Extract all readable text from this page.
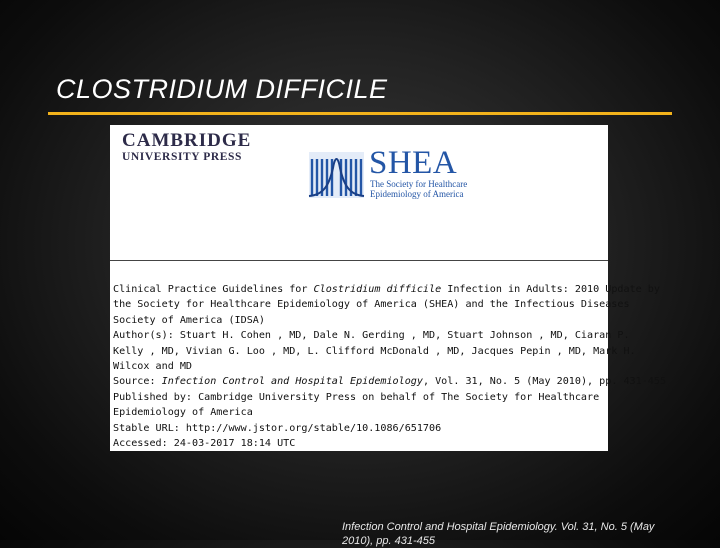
CLOSTRIDIUM DIFFICILE
CAMBRIDGE
UNIVERSITY PRESS	SHEA
The Society for Healthcare Epidemiology of America
Clinical Practice Guidelines for Clostridium difficile Infection in Adults: 2010 Update by
the Society for Healthcare Epidemiology of America (SHEA) and the Infectious Diseases
Society of America (IDSA)
Author(s): Stuart H. Cohen , MD, Dale N. Gerding , MD, Stuart Johnson , MD, Ciaran P.
Kelly , MD, Vivian G. Loo , MD, L. Clifford McDonald , MD, Jacques Pepin , MD, Mark H.
Wilcox and MD
Source: Infection Control and Hospital Epidemiology, Vol. 31, No. 5 (May 2010), pp. 431-455
Published by: Cambridge University Press on behalf of The Society for Healthcare
Epidemiology of America
Stable URL: http://www.jstor.org/stable/10.1086/651706
Accessed: 24-03-2017 18:14 UTC
Infection Control and Hospital Epidemiology. Vol. 31, No. 5 (May
2010), pp. 431-455
